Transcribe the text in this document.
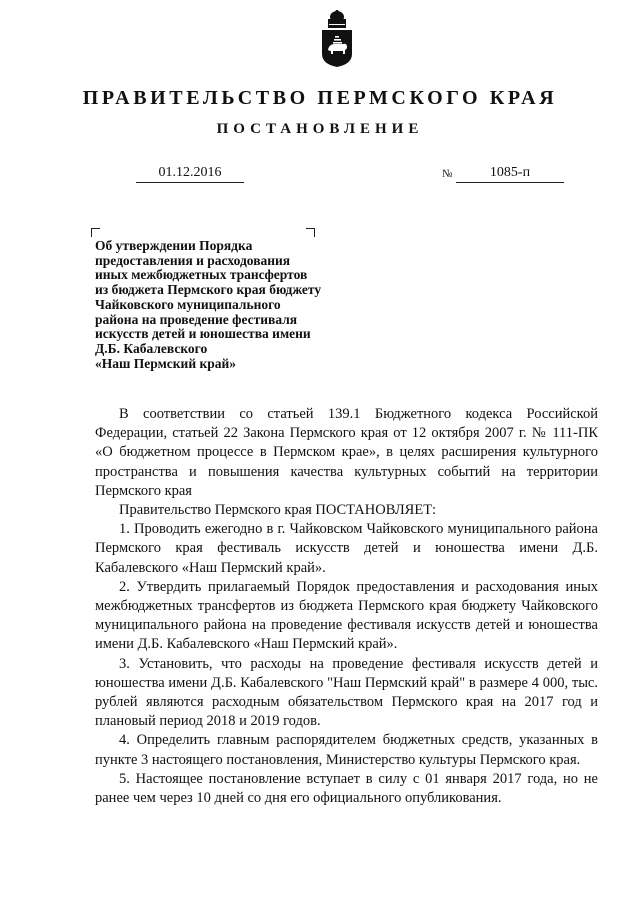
ПРАВИТЕЛЬСТВО ПЕРМСКОГО КРАЯ
ПОСТАНОВЛЕНИЕ
01.12.2016	№	1085-п
Об утверждении Порядка
предоставления и расходования
иных межбюджетных трансфертов
из бюджета Пермского края бюджету
Чайковского муниципального
района на проведение фестиваля
искусств детей и юношества имени
Д.Б. Кабалевского
«Наш Пермский край»

В соответствии со статьей 139.1 Бюджетного кодекса Российской Федерации, статьей 22 Закона Пермского края от 12 октября 2007 г. № 111-ПК «О бюджетном процессе в Пермском крае», в целях расширения культурного пространства и повышения качества культурных событий на территории Пермского края

Правительство Пермского края ПОСТАНОВЛЯЕТ:

1. Проводить ежегодно в г. Чайковском Чайковского муниципального района Пермского края фестиваль искусств детей и юношества имени Д.Б. Кабалевского «Наш Пермский край».

2. Утвердить прилагаемый Порядок предоставления и расходования иных межбюджетных трансфертов из бюджета Пермского края бюджету Чайковского муниципального района на проведение фестиваля искусств детей и юношества имени Д.Б. Кабалевского «Наш Пермский край».

3. Установить, что расходы на проведение фестиваля искусств детей и юношества имени Д.Б. Кабалевского "Наш Пермский край" в размере 4 000, тыс. рублей являются расходным обязательством Пермского края на 2017 год и плановый период 2018 и 2019 годов.

4. Определить главным распорядителем бюджетных средств, указанных в пункте 3 настоящего постановления, Министерство культуры Пермского края.

5. Настоящее постановление вступает в силу с 01 января 2017 года, но не ранее чем через 10 дней со дня его официального опубликования.
